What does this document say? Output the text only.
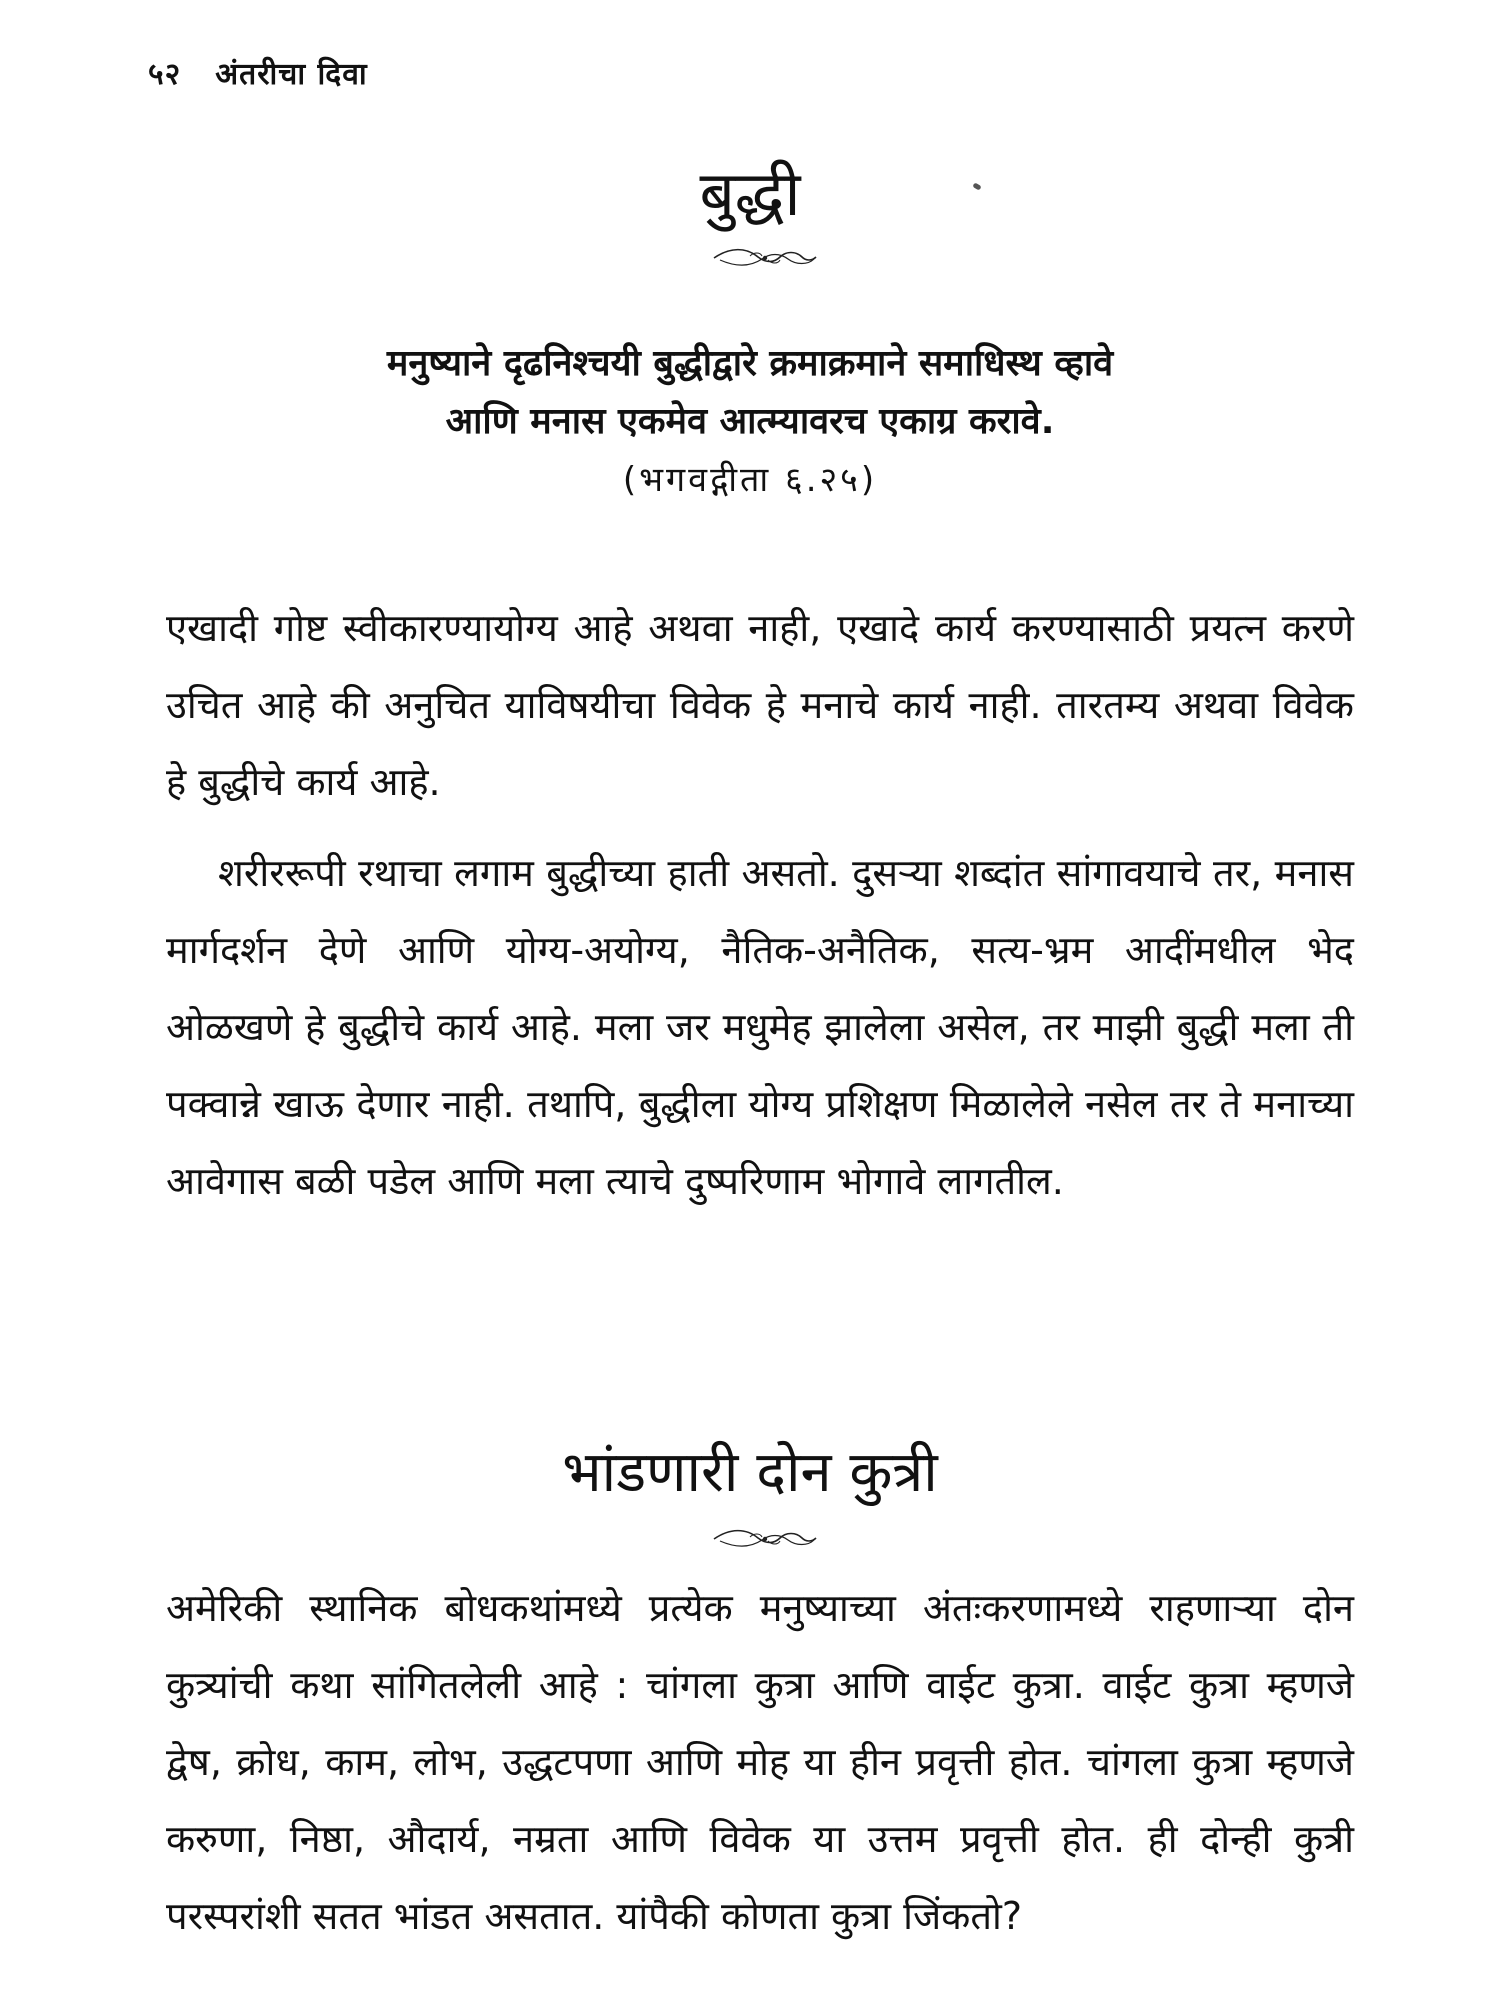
५२ अंतरीचा दिवा
बुद्धी
मनुष्याने दृढनिश्चयी बुद्धीद्वारे क्रमाक्रमाने समाधिस्थ व्हावे
आणि मनास एकमेव आत्म्यावरच एकाग्र करावे.
(भगवद्गीता ६.२५)

एखादी गोष्ट स्वीकारण्यायोग्य आहे अथवा नाही, एखादे कार्य करण्यासाठी प्रयत्न करणे उचित आहे की अनुचित याविषयीचा विवेक हे मनाचे कार्य नाही. तारतम्य अथवा विवेक हे बुद्धीचे कार्य आहे.

शरीररूपी रथाचा लगाम बुद्धीच्या हाती असतो. दुसऱ्या शब्दांत सांगावयाचे तर, मनास मार्गदर्शन देणे आणि योग्य-अयोग्य, नैतिक-अनैतिक, सत्य-भ्रम आदींमधील भेद ओळखणे हे बुद्धीचे कार्य आहे. मला जर मधुमेह झालेला असेल, तर माझी बुद्धी मला ती पक्वान्ने खाऊ देणार नाही. तथापि, बुद्धीला योग्य प्रशिक्षण मिळालेले नसेल तर ते मनाच्या आवेगास बळी पडेल आणि मला त्याचे दुष्परिणाम भोगावे लागतील.

भांडणारी दोन कुत्री

अमेरिकी स्थानिक बोधकथांमध्ये प्रत्येक मनुष्याच्या अंतःकरणामध्ये राहणाऱ्या दोन कुत्र्यांची कथा सांगितलेली आहे : चांगला कुत्रा आणि वाईट कुत्रा. वाईट कुत्रा म्हणजे द्वेष, क्रोध, काम, लोभ, उद्धटपणा आणि मोह या हीन प्रवृत्ती होत. चांगला कुत्रा म्हणजे करुणा, निष्ठा, औदार्य, नम्रता आणि विवेक या उत्तम प्रवृत्ती होत. ही दोन्ही कुत्री परस्परांशी सतत भांडत असतात. यांपैकी कोणता कुत्रा जिंकतो?
